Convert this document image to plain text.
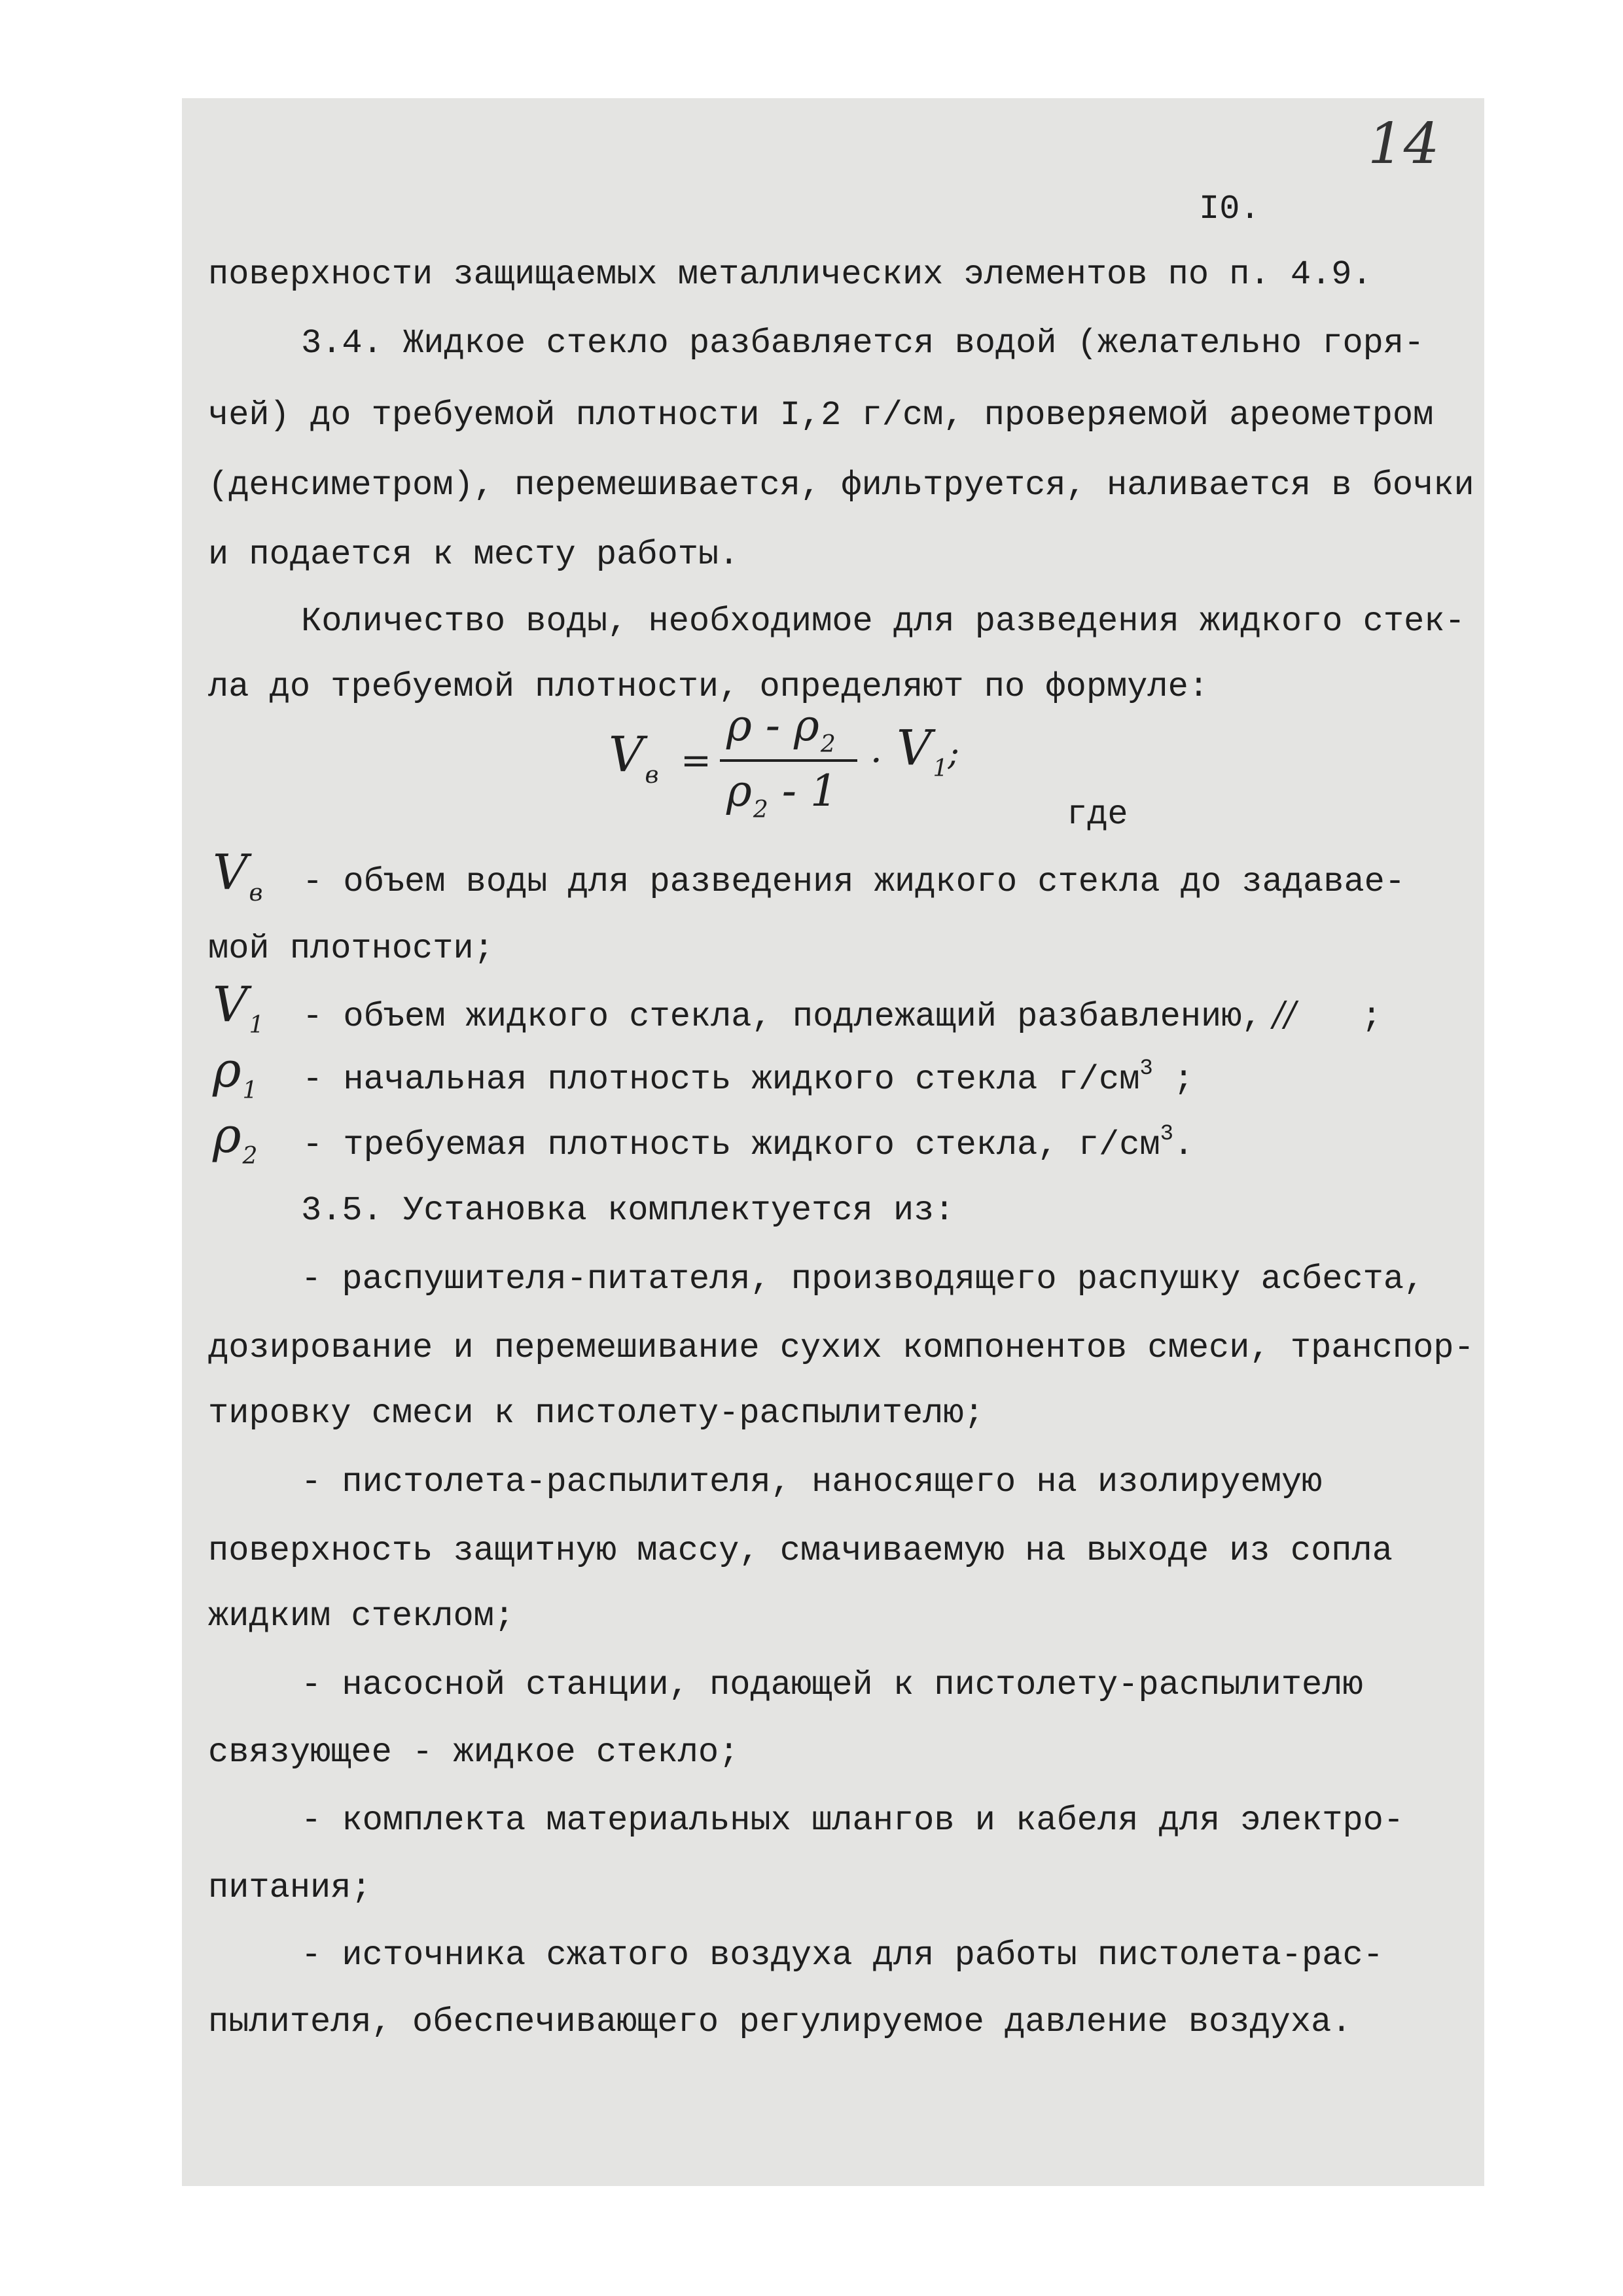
14
I0.
поверхности защищаемых металлических элементов по п. 4.9.
3.4. Жидкое стекло разбавляется водой (желательно горя-
чей) до требуемой плотности I,2 г/см, проверяемой ареометром
(денсиметром), перемешивается, фильтруется, наливается в бочки
и подается к месту работы.
Количество воды, необходимое для разведения жидкого стек-
ла до требуемой плотности, определяют по формуле:
$V_в$ =
ρ - $\rho_2$
$\rho_2 - 1$
· $V_1$;
где
$V_в$ - объем воды для разведения жидкого стекла до задавае-
мой плотности;
$V_1$ - объем жидкого стекла, подлежащий разбавлению, // ;
$\rho_1$ - начальная плотность жидкого стекла $г/см^3$ ;
$\rho_2$ - требуемая плотность жидкого стекла, $г/см^3$.
3.5. Установка комплектуется из:
- распушителя-питателя, производящего распушку асбеста,
дозирование и перемешивание сухих компонентов смеси, транспор-
тировку смеси к пистолету-распылителю;
- пистолета-распылителя, наносящего на изолируемую
поверхность защитную массу, смачиваемую на выходе из сопла
жидким стеклом;
- насосной станции, подающей к пистолету-распылителю
связующее - жидкое стекло;
- комплекта материальных шлангов и кабеля для электро-
питания;
- источника сжатого воздуха для работы пистолета-рас-
пылителя, обеспечивающего регулируемое давление воздуха.
